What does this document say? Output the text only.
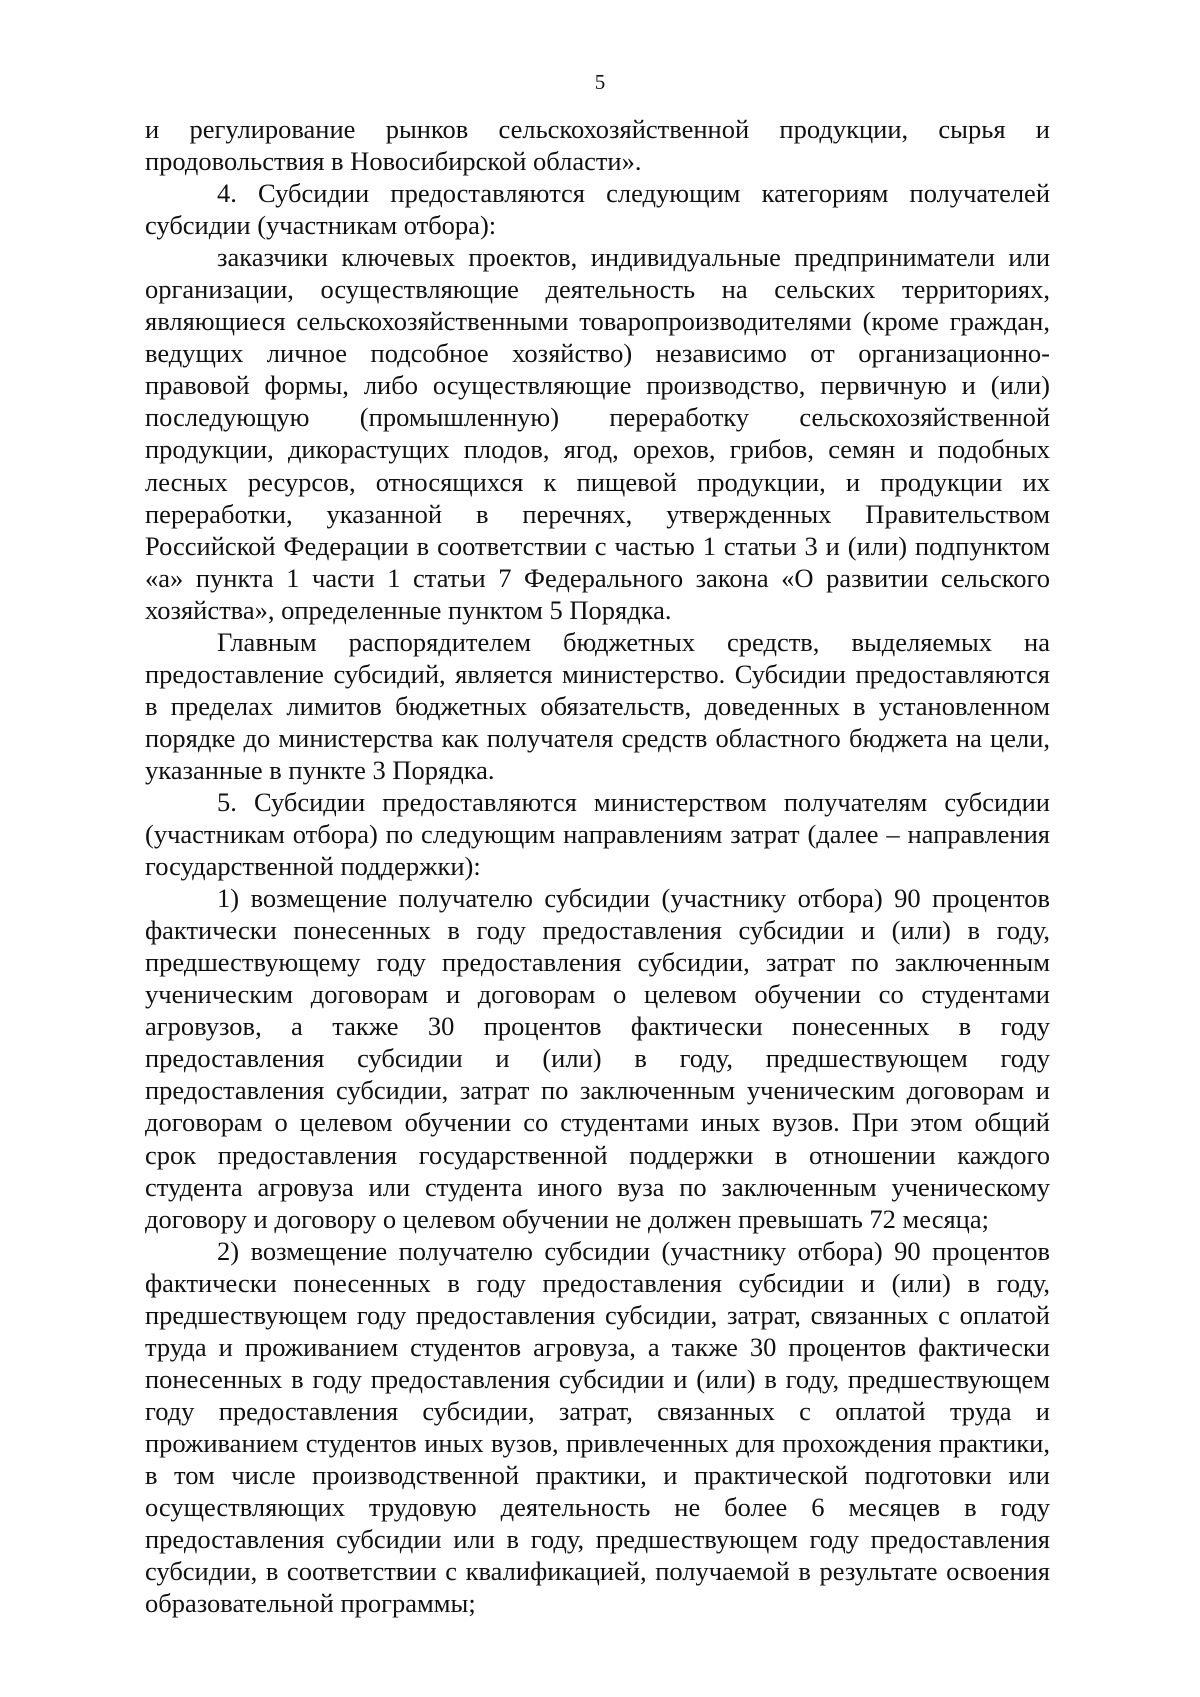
5

и регулирование рынков сельскохозяйственной продукции, сырья и продовольствия в Новосибирской области».

4. Субсидии предоставляются следующим категориям получателей субсидии (участникам отбора):

заказчики ключевых проектов, индивидуальные предприниматели или организации, осуществляющие деятельность на сельских территориях, являющиеся сельскохозяйственными товаропроизводителями (кроме граждан, ведущих личное подсобное хозяйство) независимо от организационно-правовой формы, либо осуществляющие производство, первичную и (или) последующую (промышленную) переработку сельскохозяйственной продукции, дикорастущих плодов, ягод, орехов, грибов, семян и подобных лесных ресурсов, относящихся к пищевой продукции, и продукции их переработки, указанной в перечнях, утвержденных Правительством Российской Федерации в соответствии с частью 1 статьи 3 и (или) подпунктом «а» пункта 1 части 1 статьи 7 Федерального закона «О развитии сельского хозяйства», определенные пунктом 5 Порядка.

Главным распорядителем бюджетных средств, выделяемых на предоставление субсидий, является министерство. Субсидии предоставляются в пределах лимитов бюджетных обязательств, доведенных в установленном порядке до министерства как получателя средств областного бюджета на цели, указанные в пункте 3 Порядка.

5. Субсидии предоставляются министерством получателям субсидии (участникам отбора) по следующим направлениям затрат (далее – направления государственной поддержки):

1) возмещение получателю субсидии (участнику отбора) 90 процентов фактически понесенных в году предоставления субсидии и (или) в году, предшествующему году предоставления субсидии, затрат по заключенным ученическим договорам и договорам о целевом обучении со студентами агровузов, а также 30 процентов фактически понесенных в году предоставления субсидии и (или) в году, предшествующем году предоставления субсидии, затрат по заключенным ученическим договорам и договорам о целевом обучении со студентами иных вузов. При этом общий срок предоставления государственной поддержки в отношении каждого студента агровуза или студента иного вуза по заключенным ученическому договору и договору о целевом обучении не должен превышать 72 месяца;

2) возмещение получателю субсидии (участнику отбора) 90 процентов фактически понесенных в году предоставления субсидии и (или) в году, предшествующем году предоставления субсидии, затрат, связанных с оплатой труда и проживанием студентов агровуза, а также 30 процентов фактически понесенных в году предоставления субсидии и (или) в году, предшествующем году предоставления субсидии, затрат, связанных с оплатой труда и проживанием студентов иных вузов, привлеченных для прохождения практики, в том числе производственной практики, и практической подготовки или осуществляющих трудовую деятельность не более 6 месяцев в году предоставления субсидии или в году, предшествующем году предоставления субсидии, в соответствии с квалификацией, получаемой в результате освоения образовательной программы;
